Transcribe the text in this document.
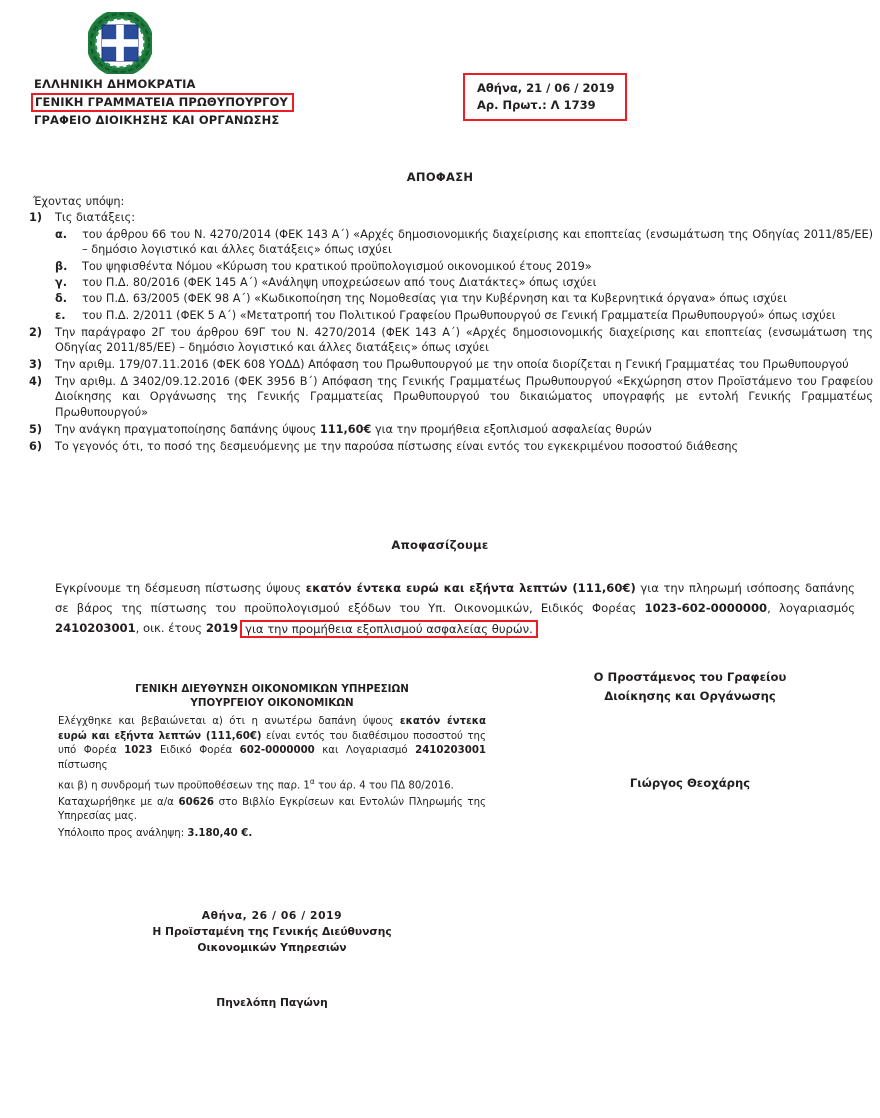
ΕΛΛΗΝΙΚΗ ΔΗΜΟΚΡΑΤΙΑ
ΓΕΝΙΚΗ ΓΡΑΜΜΑΤΕΙΑ ΠΡΩΘΥΠΟΥΡΓΟΥ
ΓΡΑΦΕΙΟ ΔΙΟΙΚΗΣΗΣ ΚΑΙ ΟΡΓΑΝΩΣΗΣ
Αθήνα, 21 / 06 / 2019
Αρ. Πρωτ.: Λ 1739
ΑΠΟΦΑΣΗ
Έχοντας υπόψη:
1)	Τις διατάξεις:
α. του άρθρου 66 του Ν. 4270/2014 (ΦΕΚ 143 Α΄) «Αρχές δημοσιονομικής διαχείρισης και εποπτείας (ενσωμάτωση της Οδηγίας 2011/85/ΕΕ) – δημόσιο λογιστικό και άλλες διατάξεις» όπως ισχύει
β. Του ψηφισθέντα Νόμου «Κύρωση του κρατικού προϋπολογισμού οικονομικού έτους 2019»
γ. του Π.Δ. 80/2016 (ΦΕΚ 145 Α΄) «Ανάληψη υποχρεώσεων από τους Διατάκτες» όπως ισχύει
δ. του Π.Δ. 63/2005 (ΦΕΚ 98 Α΄) «Κωδικοποίηση της Νομοθεσίας για την Κυβέρνηση και τα Κυβερνητικά όργανα» όπως ισχύει
ε. του Π.Δ. 2/2011 (ΦΕΚ 5 Α΄) «Μετατροπή του Πολιτικού Γραφείου Πρωθυπουργού σε Γενική Γραμματεία Πρωθυπουργού» όπως ισχύει
2)	Την παράγραφο 2Γ του άρθρου 69Γ του Ν. 4270/2014 (ΦΕΚ 143 Α΄) «Αρχές δημοσιονομικής διαχείρισης και εποπτείας (ενσωμάτωση της Οδηγίας 2011/85/ΕΕ) – δημόσιο λογιστικό και άλλες διατάξεις» όπως ισχύει
3)	Την αριθμ. 179/07.11.2016 (ΦΕΚ 608 ΥΟΔΔ) Απόφαση του Πρωθυπουργού με την οποία διορίζεται η Γενική Γραμματέας του Πρωθυπουργού
4)	Την αριθμ. Δ 3402/09.12.2016 (ΦΕΚ 3956 Β΄) Απόφαση της Γενικής Γραμματέως Πρωθυπουργού «Εκχώρηση στον Προϊστάμενο του Γραφείου Διοίκησης και Οργάνωσης της Γενικής Γραμματείας Πρωθυπουργού του δικαιώματος υπογραφής με εντολή Γενικής Γραμματέως Πρωθυπουργού»
5)	Την ανάγκη πραγματοποίησης δαπάνης ύψους 111,60€ για την προμήθεια εξοπλισμού ασφαλείας θυρών
6)	Το γεγονός ότι, το ποσό της δεσμευόμενης με την παρούσα πίστωσης είναι εντός του εγκεκριμένου ποσοστού διάθεσης
Αποφασίζουμε
Εγκρίνουμε τη δέσμευση πίστωσης ύψους εκατόν έντεκα ευρώ και εξήντα λεπτών (111,60€) για την πληρωμή ισόποσης δαπάνης σε βάρος της πίστωσης του προϋπολογισμού εξόδων του Υπ. Οικονομικών, Ειδικός Φορέας 1023-602-0000000, λογαριασμός 2410203001, οικ. έτους 2019 για την προμήθεια εξοπλισμού ασφαλείας θυρών.
Ο Προστάμενος του Γραφείου
Διοίκησης και Οργάνωσης
Γιώργος Θεοχάρης
ΓΕΝΙΚΗ ΔΙΕΥΘΥΝΣΗ ΟΙΚΟΝΟΜΙΚΩΝ ΥΠΗΡΕΣΙΩΝ
ΥΠΟΥΡΓΕΙΟΥ ΟΙΚΟΝΟΜΙΚΩΝ

Ελέγχθηκε και βεβαιώνεται α) ότι η ανωτέρω δαπάνη ύψους εκατόν έντεκα ευρώ και εξήντα λεπτών (111,60€) είναι εντός του διαθέσιμου ποσοστού της υπό Φορέα 1023 Ειδικό Φορέα 602-0000000 και Λογαριασμό 2410203001 πίστωσης

και β) η συνδρομή των προϋποθέσεων της παρ. $1^\alpha$ του άρ. 4 του ΠΔ 80/2016.

Καταχωρήθηκε με α/α 60626 στο Βιβλίο Εγκρίσεων και Εντολών Πληρωμής της Υπηρεσίας μας.

Υπόλοιπο προς ανάληψη: 3.180,40 €.

Αθήνα, 26 / 06 / 2019
Η Προϊσταμένη της Γενικής Διεύθυνσης
Οικονομικών Υπηρεσιών
Πηνελόπη Παγώνη
